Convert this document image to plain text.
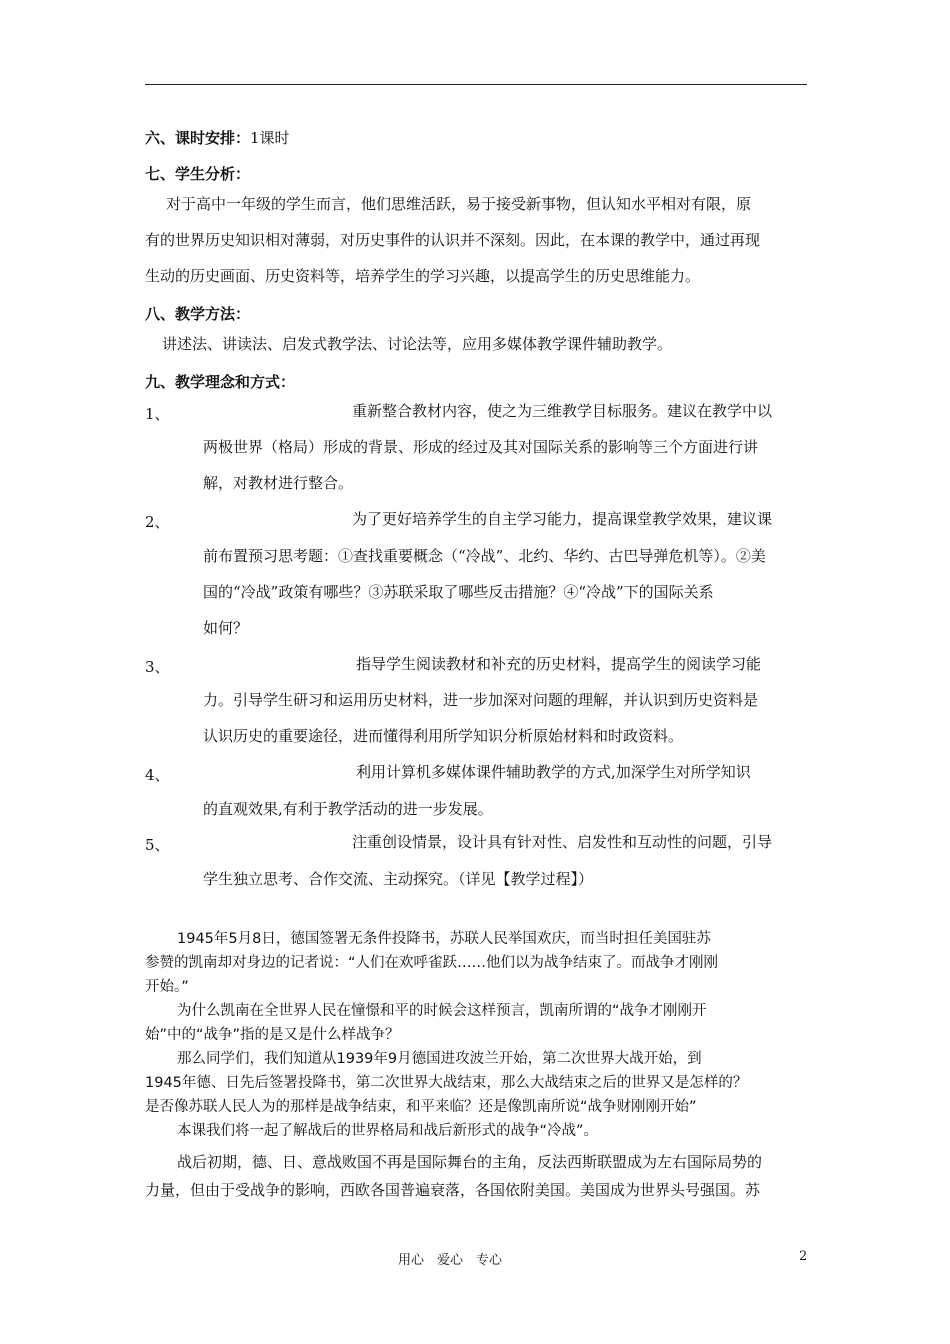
六、课时安排：1课时
七、学生分析：
对于高中一年级的学生而言，他们思维活跃，易于接受新事物，但认知水平相对有限，原
有的世界历史知识相对薄弱，对历史事件的认识并不深刻。因此，在本课的教学中，通过再现
生动的历史画面、历史资料等，培养学生的学习兴趣，以提高学生的历史思维能力。
八、教学方法：
讲述法、讲读法、启发式教学法、讨论法等，应用多媒体教学课件辅助教学。
九、教学理念和方式：
1、	重新整合教材内容，使之为三维教学目标服务。建议在教学中以
两极世界（格局）形成的背景、形成的经过及其对国际关系的影响等三个方面进行讲
解，对教材进行整合。
2、	为了更好培养学生的自主学习能力，提高课堂教学效果，建议课
前布置预习思考题：①查找重要概念（“冷战”、北约、华约、古巴导弹危机等）。②美
国的“冷战”政策有哪些？③苏联采取了哪些反击措施？④“冷战”下的国际关系
如何？
3、	指导学生阅读教材和补充的历史材料，提高学生的阅读学习能
力。引导学生研习和运用历史材料，进一步加深对问题的理解，并认识到历史资料是
认识历史的重要途径，进而懂得利用所学知识分析原始材料和时政资料。
4、	利用计算机多媒体课件辅助教学的方式,加深学生对所学知识
的直观效果,有利于教学活动的进一步发展。
5、	注重创设情景，设计具有针对性、启发性和互动性的问题，引导
学生独立思考、合作交流、主动探究。（详见【教学过程】）
1945年5月8日，德国签署无条件投降书，苏联人民举国欢庆，而当时担任美国驻苏
参赞的凯南却对身边的记者说：“人们在欢呼雀跃……他们以为战争结束了。而战争才刚刚
开始。”
为什么凯南在全世界人民在憧憬和平的时候会这样预言，凯南所谓的“战争才刚刚开
始”中的“战争”指的是又是什么样战争？
那么同学们，我们知道从1939年9月德国进攻波兰开始，第二次世界大战开始，到
1945年德、日先后签署投降书，第二次世界大战结束，那么大战结束之后的世界又是怎样的？
是否像苏联人民人为的那样是战争结束，和平来临？还是像凯南所说“战争财刚刚开始”
本课我们将一起了解战后的世界格局和战后新形式的战争“冷战”。
战后初期，德、日、意战败国不再是国际舞台的主角，反法西斯联盟成为左右国际局势的
力量，但由于受战争的影响，西欧各国普遍衰落，各国依附美国。美国成为世界头号强国。苏
用心　爱心　专心	2
